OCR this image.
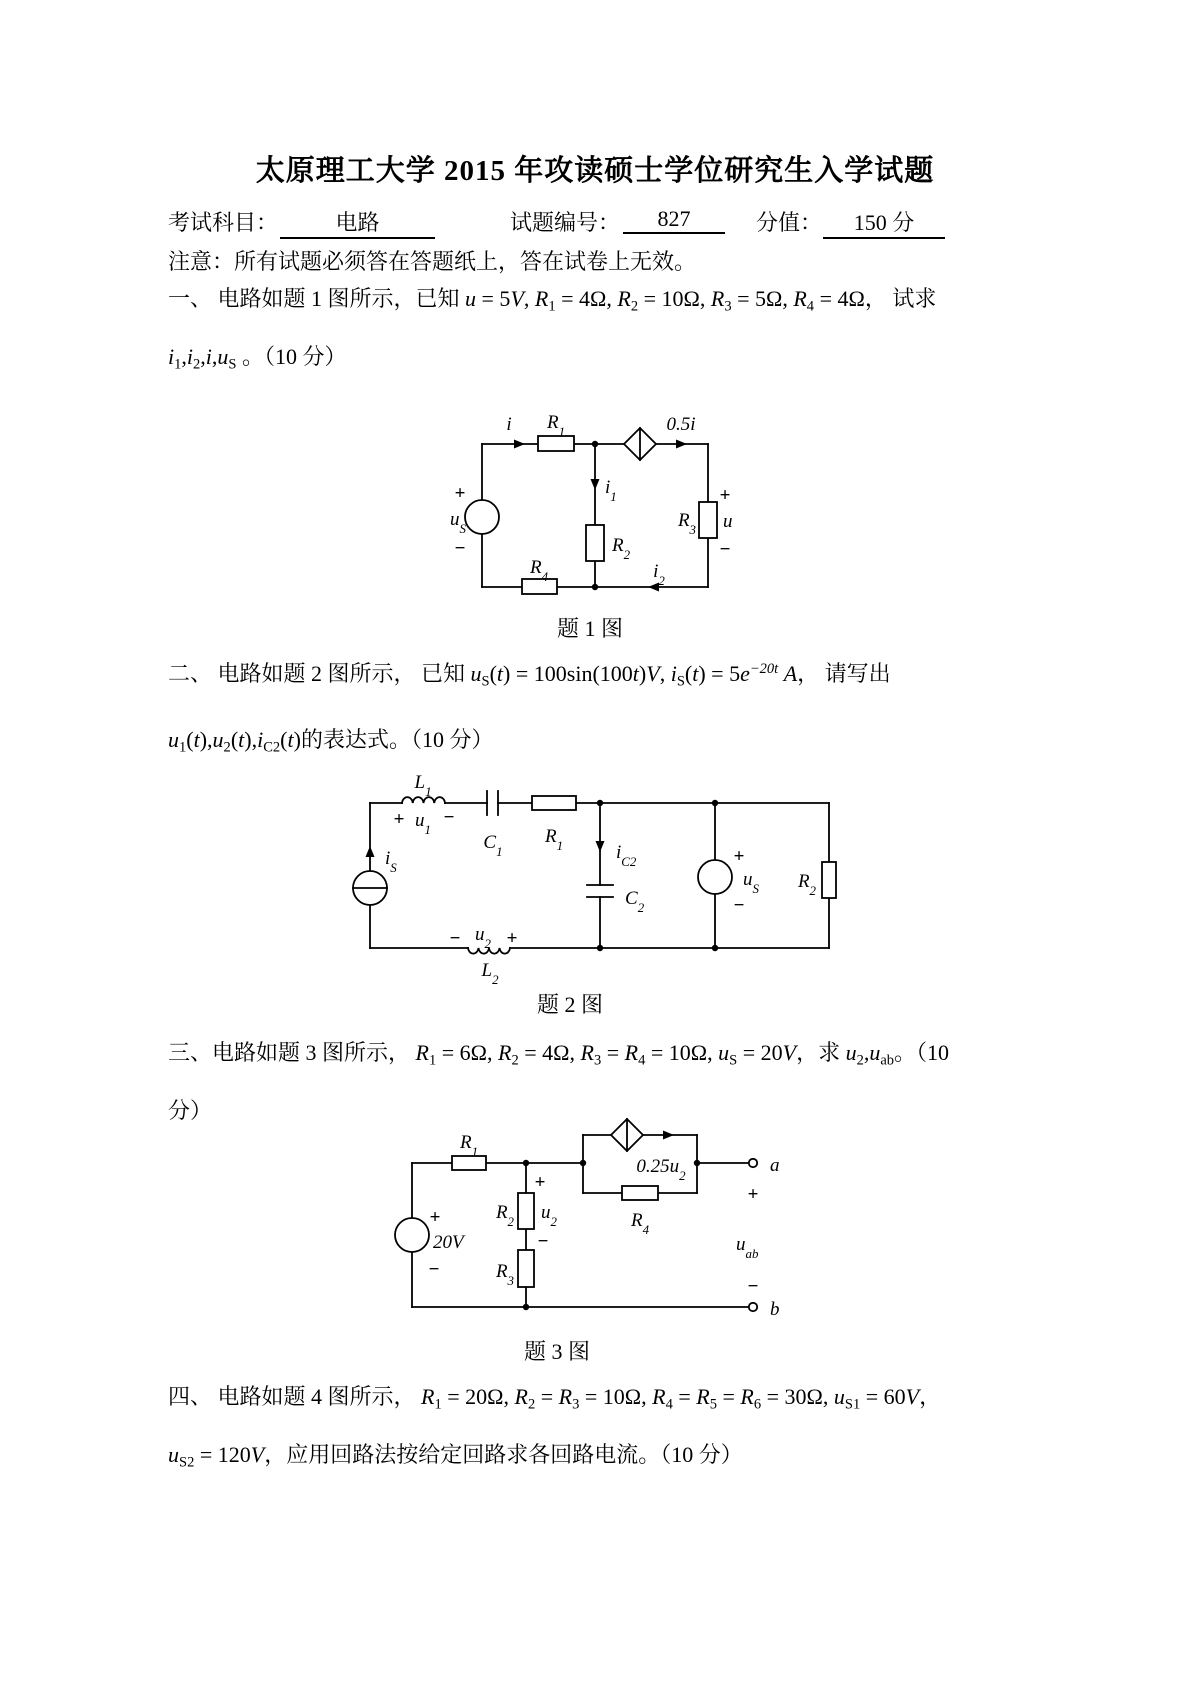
太原理工大学 2015 年攻读硕士学位研究生入学试题
考试科目：	电路	试题编号：	827	分值：	150 分
注意：所有试题必须答在答题纸上，答在试卷上无效。
一、 电路如题 1 图所示，已知 u = 5V, R1 = 4Ω, R2 = 10Ω, R3 = 5Ω, R4 = 4Ω， 试求
i1,i2,i,uS 。（10 分）
+
−
$u_S$
$R_1$
i	0.5i
$i_1$
$R_2$
$R_3$
+
u
−
$R_4$	$i_2$
题 1 图
二、 电路如题 2 图所示， 已知 uS(t) = 100sin(100t)V, $iS(t) = 5e^{-20t}$ A， 请写出
u1(t),u2(t),iC2(t)的表达式。（10 分）
$i_S$
$L_1$
+ $u_1$
−
$C_1$
$R_1$	$i_{C2}$
$C_2$
+
$u_S$
−
$R_2$
− $u_2$ +
$L_2$
题 2 图
三、电路如题 3 图所示， R1 = 6Ω, R2 = 4Ω, R3 = R4 = 10Ω, uS = 20V，求 u2,uab。（10
分）
+
20V
−
$R_1$
+
$R_2$ $u_2$
−
$R_3$
$0.25u_2$
$R_4$
a
+
$u_{ab}$
−
b
题 3 图
四、 电路如题 4 图所示， R1 = 20Ω, R2 = R3 = 10Ω, R4 = R5 = R6 = 30Ω, uS1 = 60V，
uS2 = 120V，应用回路法按给定回路求各回路电流。（10 分）
